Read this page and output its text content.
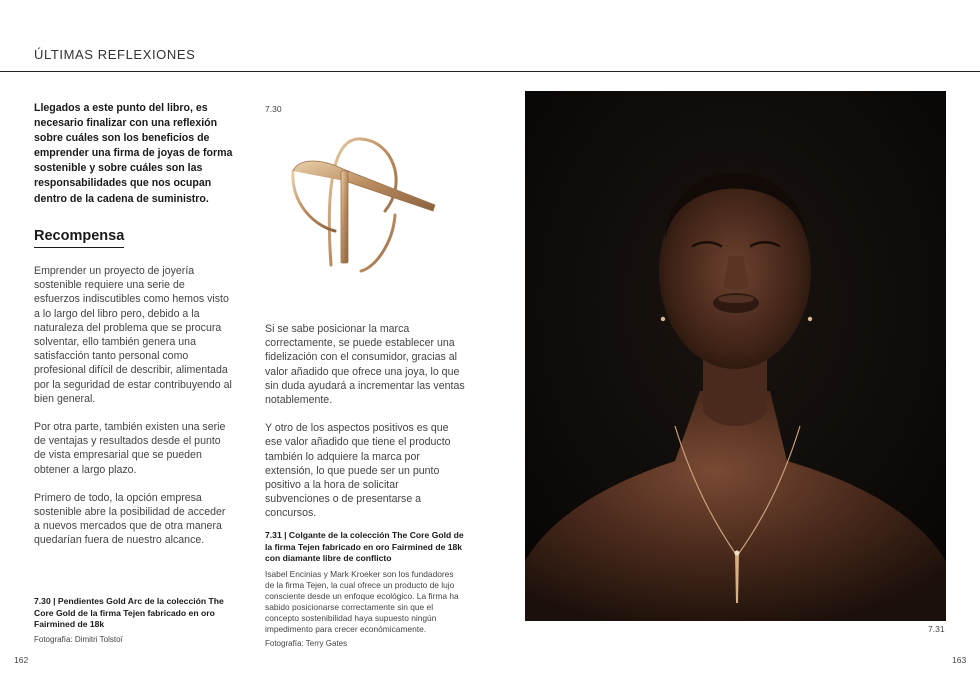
ÚLTIMAS REFLEXIONES
Llegados a este punto del libro, es necesario finalizar con una reflexión sobre cuáles son los beneficios de emprender una firma de joyas de forma sostenible y sobre cuáles son las responsabilidades que nos ocupan dentro de la cadena de suministro.
Recompensa

Emprender un proyecto de joyería sostenible requiere una serie de esfuerzos indiscutibles como hemos visto a lo largo del libro pero, debido a la naturaleza del problema que se procura solventar, ello también genera una satisfacción tanto personal como profesional difícil de describir, alimentada por la seguridad de estar contribuyendo al bien general.

Por otra parte, también existen una serie de ventajas y resultados desde el punto de vista empresarial que se pueden obtener a largo plazo.

Primero de todo, la opción empresa sostenible abre la posibilidad de acceder a nuevos mercados que de otra manera quedarían fuera de nuestro alcance.

7.30

Si se sabe posicionar la marca correctamente, se puede establecer una fidelización con el consumidor, gracias al valor añadido que ofrece una joya, lo que sin duda ayudará a incrementar las ventas notablemente.

Y otro de los aspectos positivos es que ese valor añadido que tiene el producto también lo adquiere la marca por extensión, lo que puede ser un punto positivo a la hora de solicitar subvenciones o de presentarse a concursos.

7.31 | Colgante de la colección The Core Gold de la firma Tejen fabricado en oro Fairmined de 18k con diamante libre de conflicto
Isabel Encinias y Mark Kroeker son los fundadores de la firma Tejen, la cual ofrece un producto de lujo consciente desde un enfoque ecológico. La firma ha sabido posicionarse correctamente sin que el concepto sostenibilidad haya supuesto ningún impedimento para crecer económicamente.
Fotografía: Terry Gates
7.30 | Pendientes Gold Arc de la colección The Core Gold de la firma Tejen fabricado en oro Fairmined de 18k
Fotografía: Dimitri Tolstoï
7.31
162	163
